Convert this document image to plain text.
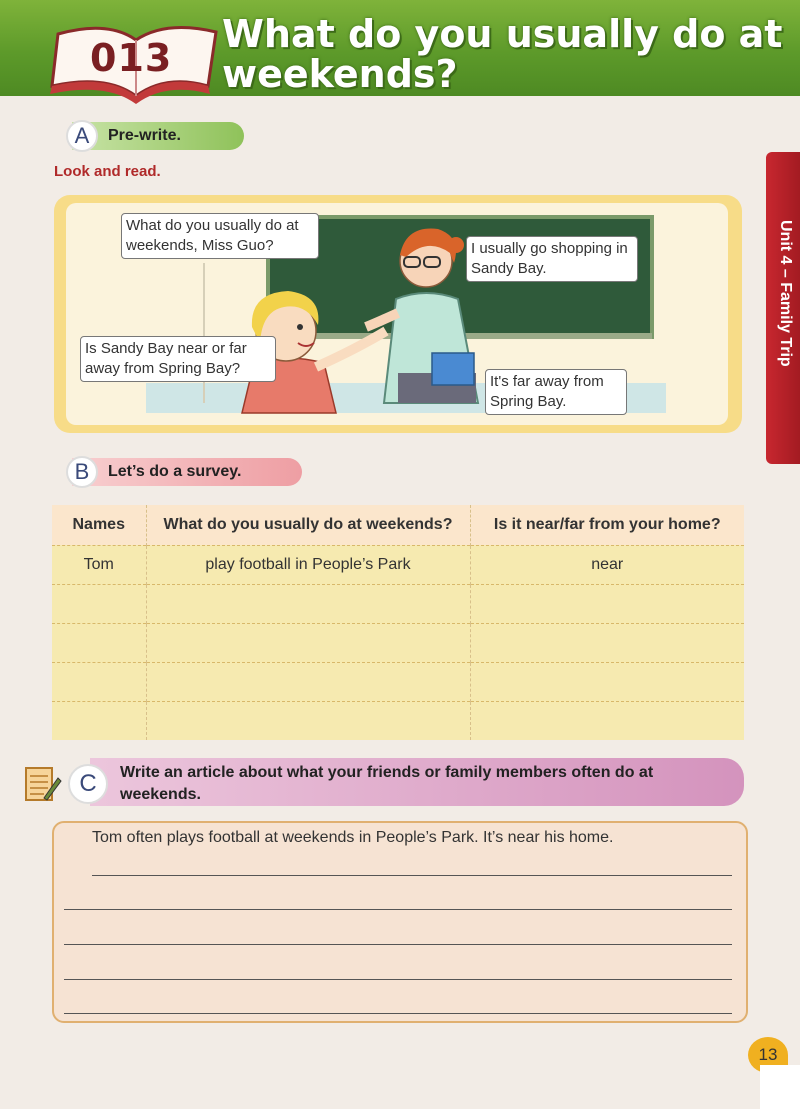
013
What do you usually do at weekends?
Unit 4 – Family Trip
A	Pre-write.
Look and read.
What do you usually do at weekends, Miss Guo?	I usually go shopping in Sandy Bay.
Is Sandy Bay near or far away from Spring Bay?
It's far away from Spring Bay.
B	Let’s do a survey.
Names	What do you usually do at weekends?	Is it near/far from your home?
Tom	play football in People’s Park	near

C	Write an article about what your friends or family members often do at weekends.
Tom often plays football at weekends in People’s Park. It’s near his home.
13
